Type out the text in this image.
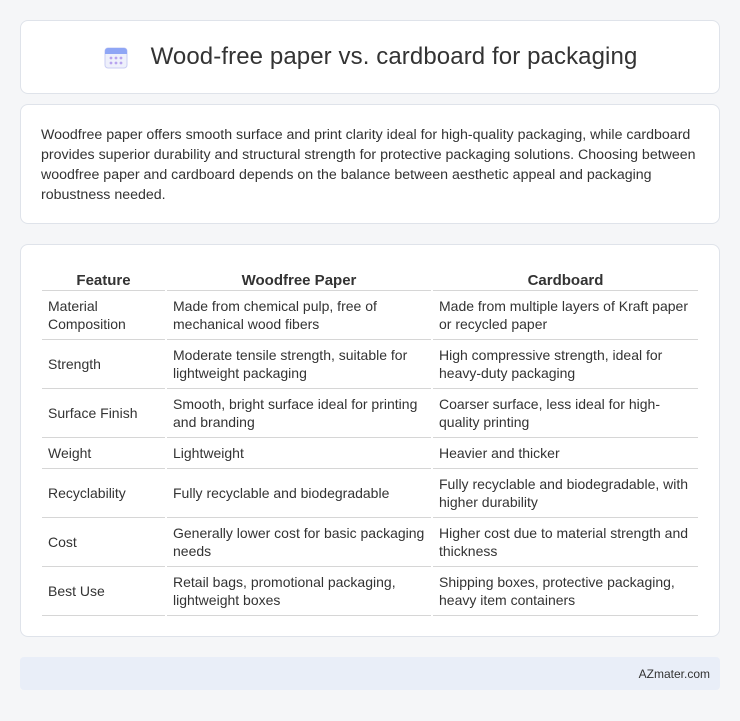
Wood-free paper vs. cardboard for packaging

Woodfree paper offers smooth surface and print clarity ideal for high-quality packaging, while cardboard provides superior durability and structural strength for protective packaging solutions. Choosing between woodfree paper and cardboard depends on the balance between aesthetic appeal and packaging robustness needed.

Feature	Woodfree Paper	Cardboard
Material Composition	Made from chemical pulp, free of mechanical wood fibers	Made from multiple layers of Kraft paper or recycled paper
Strength	Moderate tensile strength, suitable for lightweight packaging	High compressive strength, ideal for heavy-duty packaging
Surface Finish	Smooth, bright surface ideal for printing and branding	Coarser surface, less ideal for high-quality printing
Weight	Lightweight	Heavier and thicker
Recyclability	Fully recyclable and biodegradable	Fully recyclable and biodegradable, with higher durability
Cost	Generally lower cost for basic packaging needs	Higher cost due to material strength and thickness
Best Use	Retail bags, promotional packaging, lightweight boxes	Shipping boxes, protective packaging, heavy item containers
AZmater.com
